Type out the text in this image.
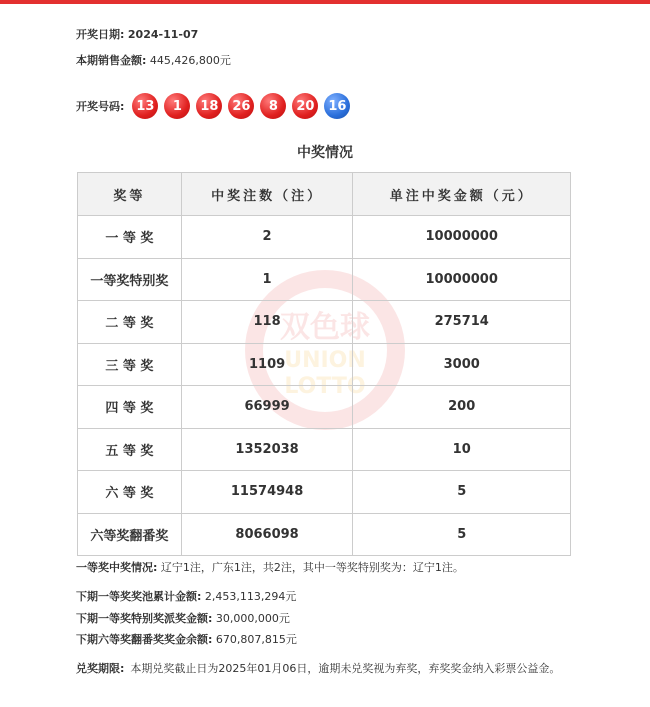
开奖日期: 2024-11-07
本期销售金额: 445,426,800元
开奖号码: 13	1	18	26	8	20	16
中奖情况
双色球
UNION
LOTTO
奖等	中奖注数（注）	单注中奖金额（元）
一 等 奖	2	10000000
一等奖特别奖	1	10000000
二 等 奖	118	275714
三 等 奖	1109	3000
四 等 奖	66999	200
五 等 奖	1352038	10
六 等 奖	11574948	5
六等奖翻番奖	8066098	5
一等奖中奖情况: 辽宁1注，广东1注，共2注，其中一等奖特别奖为：辽宁1注。
下期一等奖奖池累计金额: 2,453,113,294元
下期一等奖特别奖派奖金额: 30,000,000元
下期六等奖翻番奖奖金余额: 670,807,815元
兑奖期限: 本期兑奖截止日为2025年01月06日，逾期未兑奖视为弃奖，弃奖奖金纳入彩票公益金。
